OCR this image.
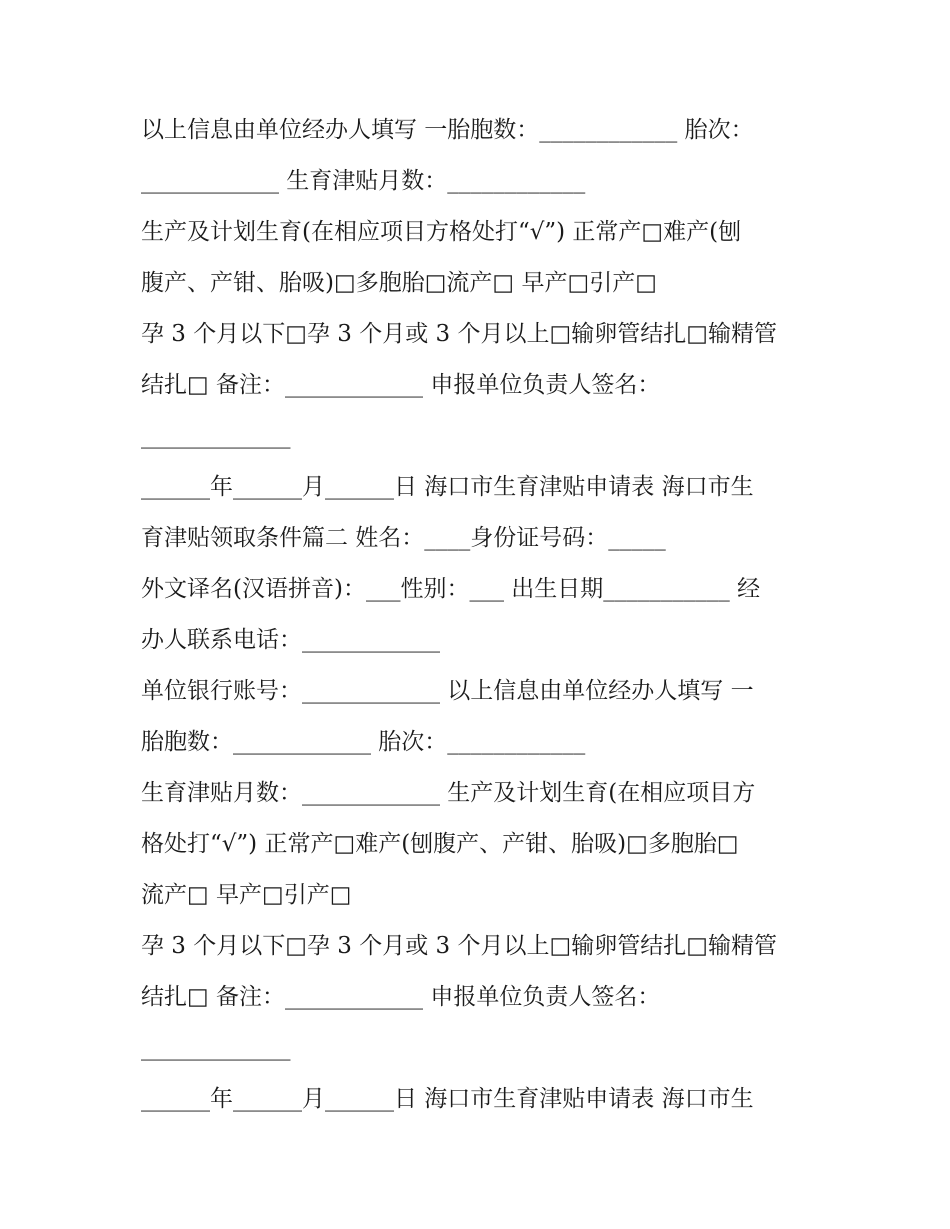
以上信息由单位经办人填写 一胎胞数：____________ 胎次：
____________ 生育津贴月数：____________
生产及计划生育(在相应项目方格处打“√”) 正常产□难产(刨
腹产、产钳、胎吸)□多胞胎□流产□ 早产□引产□
孕 3 个月以下□孕 3 个月或 3 个月以上□输卵管结扎□输精管
结扎□ 备注：____________ 申报单位负责人签名：
_____________
______年______月______日 海口市生育津贴申请表 海口市生
育津贴领取条件篇二 姓名：____身份证号码：_____
外文译名(汉语拼音)：___性别：___ 出生日期___________ 经
办人联系电话：____________
单位银行账号：____________ 以上信息由单位经办人填写 一
胎胞数：____________ 胎次：____________
生育津贴月数：____________ 生产及计划生育(在相应项目方
格处打“√”) 正常产□难产(刨腹产、产钳、胎吸)□多胞胎□
流产□ 早产□引产□
孕 3 个月以下□孕 3 个月或 3 个月以上□输卵管结扎□输精管
结扎□ 备注：____________ 申报单位负责人签名：
_____________
______年______月______日 海口市生育津贴申请表 海口市生
